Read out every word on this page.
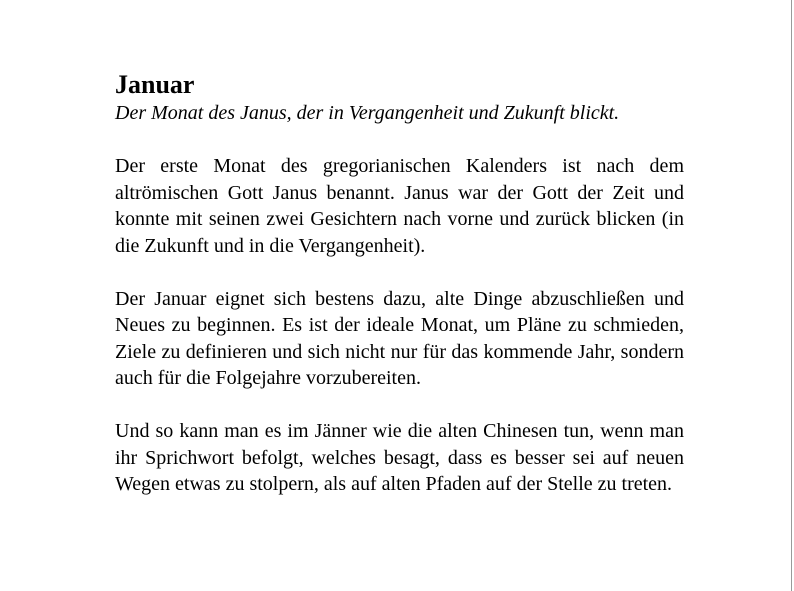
Januar

Der Monat des Janus, der in Vergangenheit und Zukunft blickt.

Der erste Monat des gregorianischen Kalenders ist nach dem altrömischen Gott Janus benannt. Janus war der Gott der Zeit und konnte mit seinen zwei Gesichtern nach vorne und zurück blicken (in die Zukunft und in die Vergangenheit).

Der Januar eignet sich bestens dazu, alte Dinge abzuschließen und Neues zu beginnen. Es ist der ideale Monat, um Pläne zu schmieden, Ziele zu definieren und sich nicht nur für das kommende Jahr, sondern auch für die Folgejahre vorzubereiten.

Und so kann man es im Jänner wie die alten Chinesen tun, wenn man ihr Sprichwort befolgt, welches besagt, dass es besser sei auf neuen Wegen etwas zu stolpern, als auf alten Pfaden auf der Stelle zu treten.
